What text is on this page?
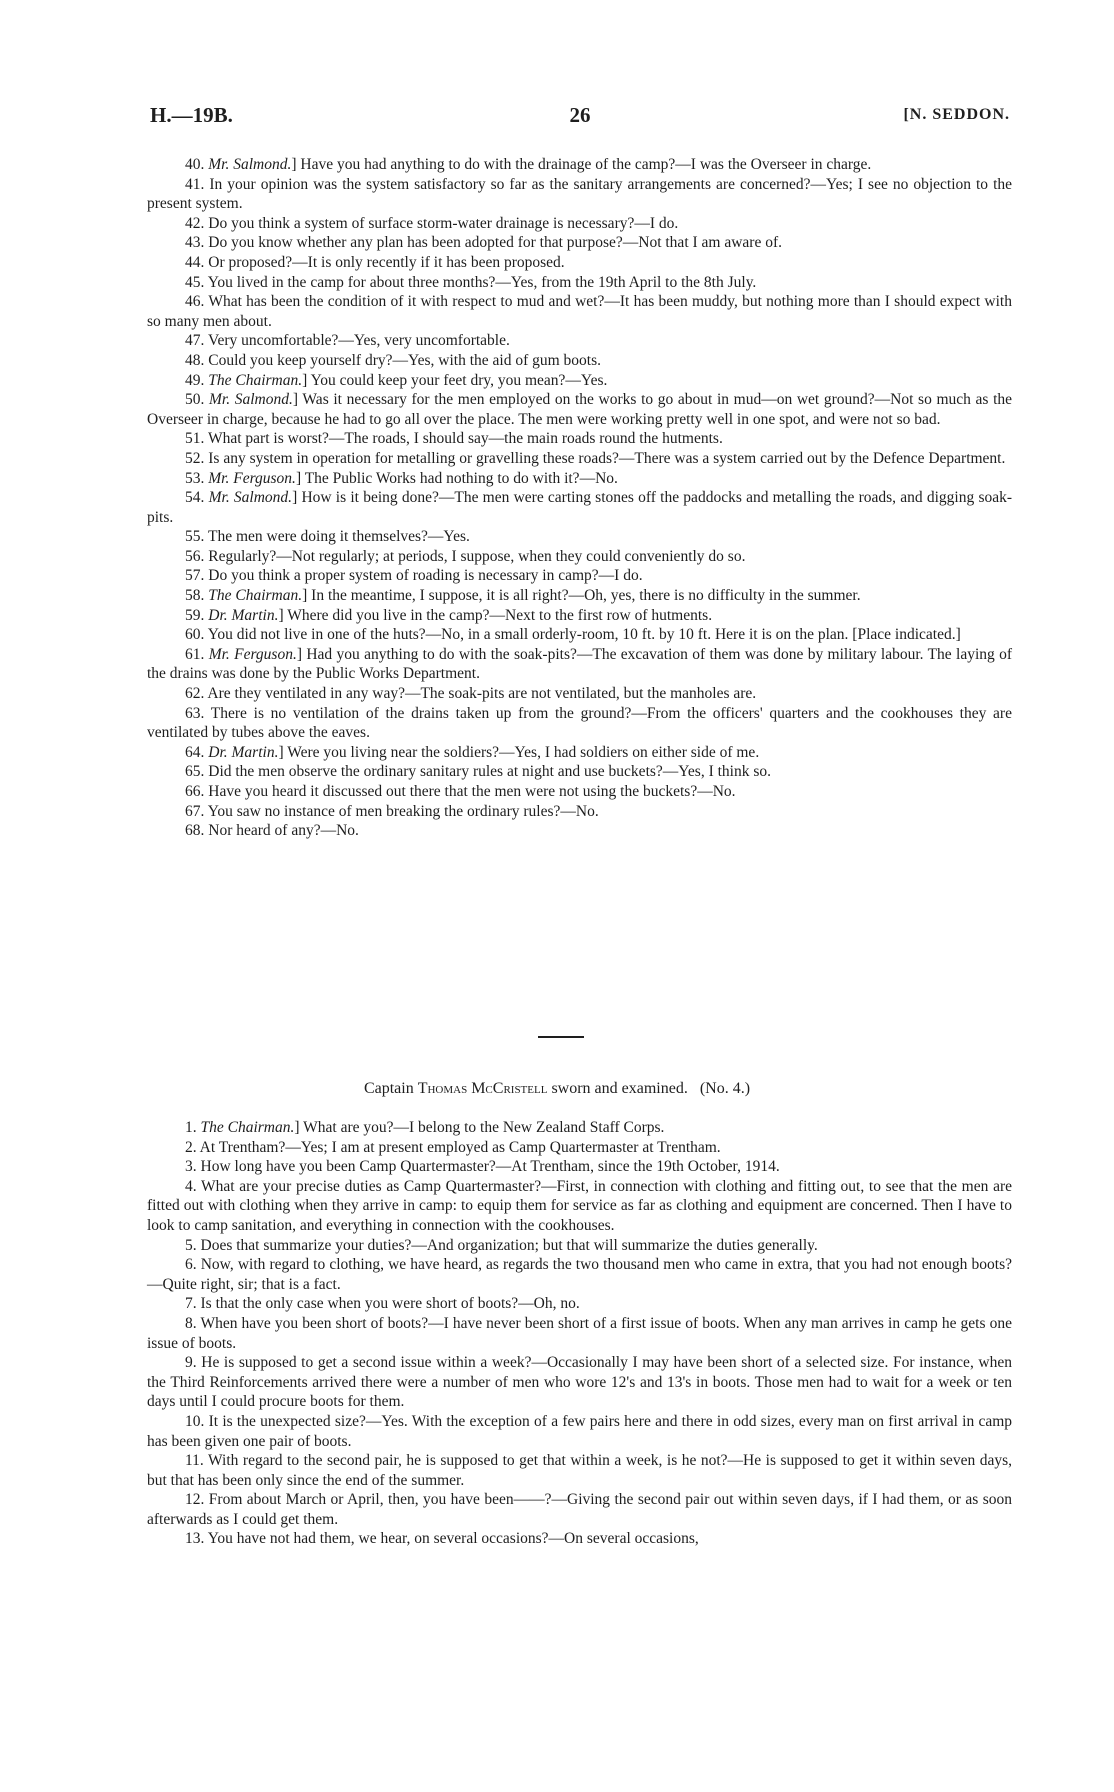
H.—19B.	26	[N. SEDDON.

40. Mr. Salmond.] Have you had anything to do with the drainage of the camp?—I was the Overseer in charge.

41. In your opinion was the system satisfactory so far as the sanitary arrangements are concerned?—Yes; I see no objection to the present system.

42. Do you think a system of surface storm-water drainage is necessary?—I do.

43. Do you know whether any plan has been adopted for that purpose?—Not that I am aware of.

44. Or proposed?—It is only recently if it has been proposed.

45. You lived in the camp for about three months?—Yes, from the 19th April to the 8th July.

46. What has been the condition of it with respect to mud and wet?—It has been muddy, but nothing more than I should expect with so many men about.

47. Very uncomfortable?—Yes, very uncomfortable.

48. Could you keep yourself dry?—Yes, with the aid of gum boots.

49. The Chairman.] You could keep your feet dry, you mean?—Yes.

50. Mr. Salmond.] Was it necessary for the men employed on the works to go about in mud—on wet ground?—Not so much as the Overseer in charge, because he had to go all over the place. The men were working pretty well in one spot, and were not so bad.

51. What part is worst?—The roads, I should say—the main roads round the hutments.

52. Is any system in operation for metalling or gravelling these roads?—There was a system carried out by the Defence Department.

53. Mr. Ferguson.] The Public Works had nothing to do with it?—No.

54. Mr. Salmond.] How is it being done?—The men were carting stones off the paddocks and metalling the roads, and digging soak-pits.

55. The men were doing it themselves?—Yes.

56. Regularly?—Not regularly; at periods, I suppose, when they could conveniently do so.

57. Do you think a proper system of roading is necessary in camp?—I do.

58. The Chairman.] In the meantime, I suppose, it is all right?—Oh, yes, there is no difficulty in the summer.

59. Dr. Martin.] Where did you live in the camp?—Next to the first row of hutments.

60. You did not live in one of the huts?—No, in a small orderly-room, 10 ft. by 10 ft. Here it is on the plan. [Place indicated.]

61. Mr. Ferguson.] Had you anything to do with the soak-pits?—The excavation of them was done by military labour. The laying of the drains was done by the Public Works Department.

62. Are they ventilated in any way?—The soak-pits are not ventilated, but the manholes are.

63. There is no ventilation of the drains taken up from the ground?—From the officers' quarters and the cookhouses they are ventilated by tubes above the eaves.

64. Dr. Martin.] Were you living near the soldiers?—Yes, I had soldiers on either side of me.

65. Did the men observe the ordinary sanitary rules at night and use buckets?—Yes, I think so.

66. Have you heard it discussed out there that the men were not using the buckets?—No.

67. You saw no instance of men breaking the ordinary rules?—No.

68. Nor heard of any?—No.

Captain Thomas McCristell sworn and examined. (No. 4.)

1. The Chairman.] What are you?—I belong to the New Zealand Staff Corps.

2. At Trentham?—Yes; I am at present employed as Camp Quartermaster at Trentham.

3. How long have you been Camp Quartermaster?—At Trentham, since the 19th October, 1914.

4. What are your precise duties as Camp Quartermaster?—First, in connection with clothing and fitting out, to see that the men are fitted out with clothing when they arrive in camp: to equip them for service as far as clothing and equipment are concerned. Then I have to look to camp sanitation, and everything in connection with the cookhouses.

5. Does that summarize your duties?—And organization; but that will summarize the duties generally.

6. Now, with regard to clothing, we have heard, as regards the two thousand men who came in extra, that you had not enough boots?—Quite right, sir; that is a fact.

7. Is that the only case when you were short of boots?—Oh, no.

8. When have you been short of boots?—I have never been short of a first issue of boots. When any man arrives in camp he gets one issue of boots.

9. He is supposed to get a second issue within a week?—Occasionally I may have been short of a selected size. For instance, when the Third Reinforcements arrived there were a number of men who wore 12's and 13's in boots. Those men had to wait for a week or ten days until I could procure boots for them.

10. It is the unexpected size?—Yes. With the exception of a few pairs here and there in odd sizes, every man on first arrival in camp has been given one pair of boots.

11. With regard to the second pair, he is supposed to get that within a week, is he not?—He is supposed to get it within seven days, but that has been only since the end of the summer.

12. From about March or April, then, you have been——?—Giving the second pair out within seven days, if I had them, or as soon afterwards as I could get them.

13. You have not had them, we hear, on several occasions?—On several occasions,
